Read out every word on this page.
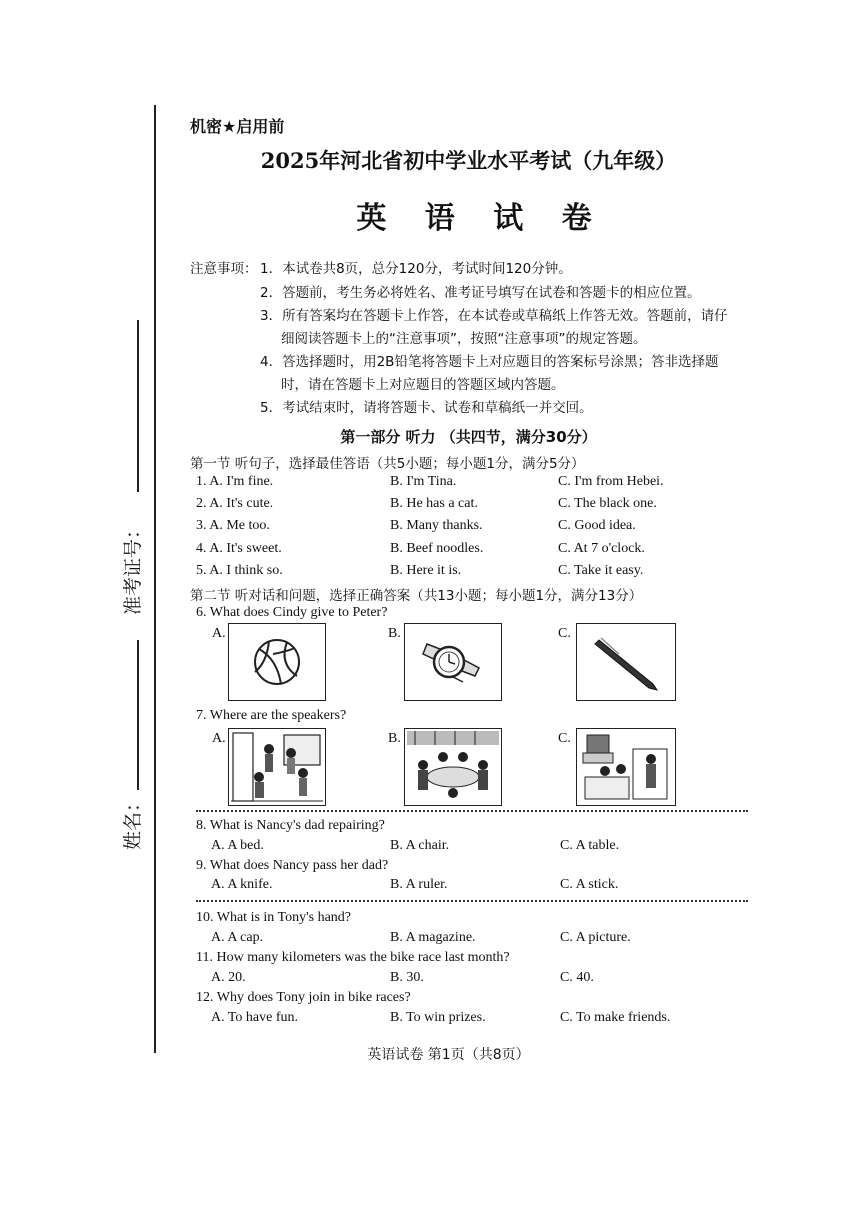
准考证号：
姓名：
机密★启用前
2025年河北省初中学业水平考试（九年级）
英 语 试 卷
注意事项： 1．本试卷共8页，总分120分，考试时间120分钟。
2．答题前，考生务必将姓名、准考证号填写在试卷和答题卡的相应位置。
3．所有答案均在答题卡上作答，在本试卷或草稿纸上作答无效。答题前，请仔
细阅读答题卡上的“注意事项”，按照“注意事项”的规定答题。
4．答选择题时，用2B铅笔将答题卡上对应题目的答案标号涂黑；答非选择题
时，请在答题卡上对应题目的答题区域内答题。
5．考试结束时，请将答题卡、试卷和草稿纸一并交回。
第一部分 听力 （共四节，满分30分）
第一节 听句子，选择最佳答语（共5小题；每小题1分，满分5分）
1. A. I'm fine.	B. I'm Tina.	C. I'm from Hebei.
2. A. It's cute.	B. He has a cat.	C. The black one.
3. A. Me too.	B. Many thanks.	C. Good idea.
4. A. It's sweet.	B. Beef noodles.	C. At 7 o'clock.
5. A. I think so.	B. Here it is.	C. Take it easy.
第二节 听对话和问题，选择正确答案（共13小题；每小题1分，满分13分）
6. What does Cindy give to Peter?
A.	B.	C.
7. Where are the speakers?
A.	B.	C.
8. What is Nancy's dad repairing?
A. A bed.	B. A chair.	C. A table.
9. What does Nancy pass her dad?
A. A knife.	B. A ruler.	C. A stick.
10. What is in Tony's hand?
A. A cap.	B. A magazine.	C. A picture.
11. How many kilometers was the bike race last month?
A. 20.	B. 30.	C. 40.
12. Why does Tony join in bike races?
A. To have fun.	B. To win prizes.	C. To make friends.
英语试卷 第1页（共8页）
